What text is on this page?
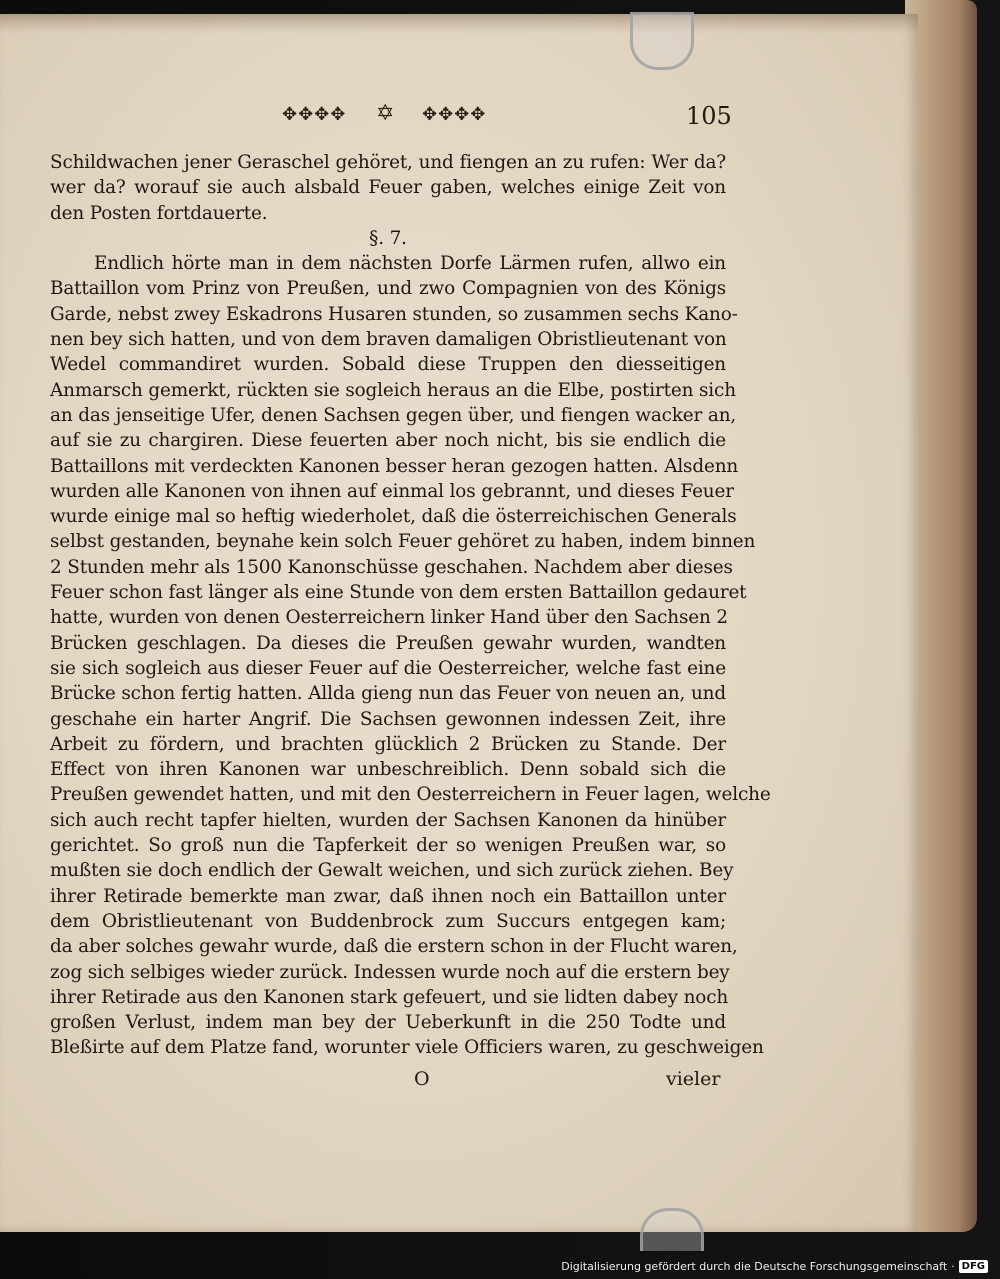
✥✥✥✥ ✡ ✥✥✥✥	105
Schildwachen jener Geraschel gehöret, und fiengen an zu rufen: Wer da?
wer da? worauf sie auch alsbald Feuer gaben, welches einige Zeit von
den Posten fortdauerte.
§. 7.
Endlich hörte man in dem nächsten Dorfe Lärmen rufen, allwo ein
Battaillon vom Prinz von Preußen, und zwo Compagnien von des Königs
Garde, nebst zwey Eskadrons Husaren stunden, so zusammen sechs Kano-
nen bey sich hatten, und von dem braven damaligen Obristlieutenant von
Wedel commandiret wurden. Sobald diese Truppen den diesseitigen
Anmarsch gemerkt, rückten sie sogleich heraus an die Elbe, postirten sich
an das jenseitige Ufer, denen Sachsen gegen über, und fiengen wacker an,
auf sie zu chargiren. Diese feuerten aber noch nicht, bis sie endlich die
Battaillons mit verdeckten Kanonen besser heran gezogen hatten. Alsdenn
wurden alle Kanonen von ihnen auf einmal los gebrannt, und dieses Feuer
wurde einige mal so heftig wiederholet, daß die österreichischen Generals
selbst gestanden, beynahe kein solch Feuer gehöret zu haben, indem binnen
2 Stunden mehr als 1500 Kanonschüsse geschahen. Nachdem aber dieses
Feuer schon fast länger als eine Stunde von dem ersten Battaillon gedauret
hatte, wurden von denen Oesterreichern linker Hand über den Sachsen 2
Brücken geschlagen. Da dieses die Preußen gewahr wurden, wandten
sie sich sogleich aus dieser Feuer auf die Oesterreicher, welche fast eine
Brücke schon fertig hatten. Allda gieng nun das Feuer von neuen an, und
geschahe ein harter Angrif. Die Sachsen gewonnen indessen Zeit, ihre
Arbeit zu fördern, und brachten glücklich 2 Brücken zu Stande. Der
Effect von ihren Kanonen war unbeschreiblich. Denn sobald sich die
Preußen gewendet hatten, und mit den Oesterreichern in Feuer lagen, welche
sich auch recht tapfer hielten, wurden der Sachsen Kanonen da hinüber
gerichtet. So groß nun die Tapferkeit der so wenigen Preußen war, so
mußten sie doch endlich der Gewalt weichen, und sich zurück ziehen. Bey
ihrer Retirade bemerkte man zwar, daß ihnen noch ein Battaillon unter
dem Obristlieutenant von Buddenbrock zum Succurs entgegen kam;
da aber solches gewahr wurde, daß die erstern schon in der Flucht waren,
zog sich selbiges wieder zurück. Indessen wurde noch auf die erstern bey
ihrer Retirade aus den Kanonen stark gefeuert, und sie lidten dabey noch
großen Verlust, indem man bey der Ueberkunft in die 250 Todte und
Bleßirte auf dem Platze fand, worunter viele Officiers waren, zu geschweigen
O	vieler
Digitalisierung gefördert durch die Deutsche Forschungsgemeinschaft · DFG
